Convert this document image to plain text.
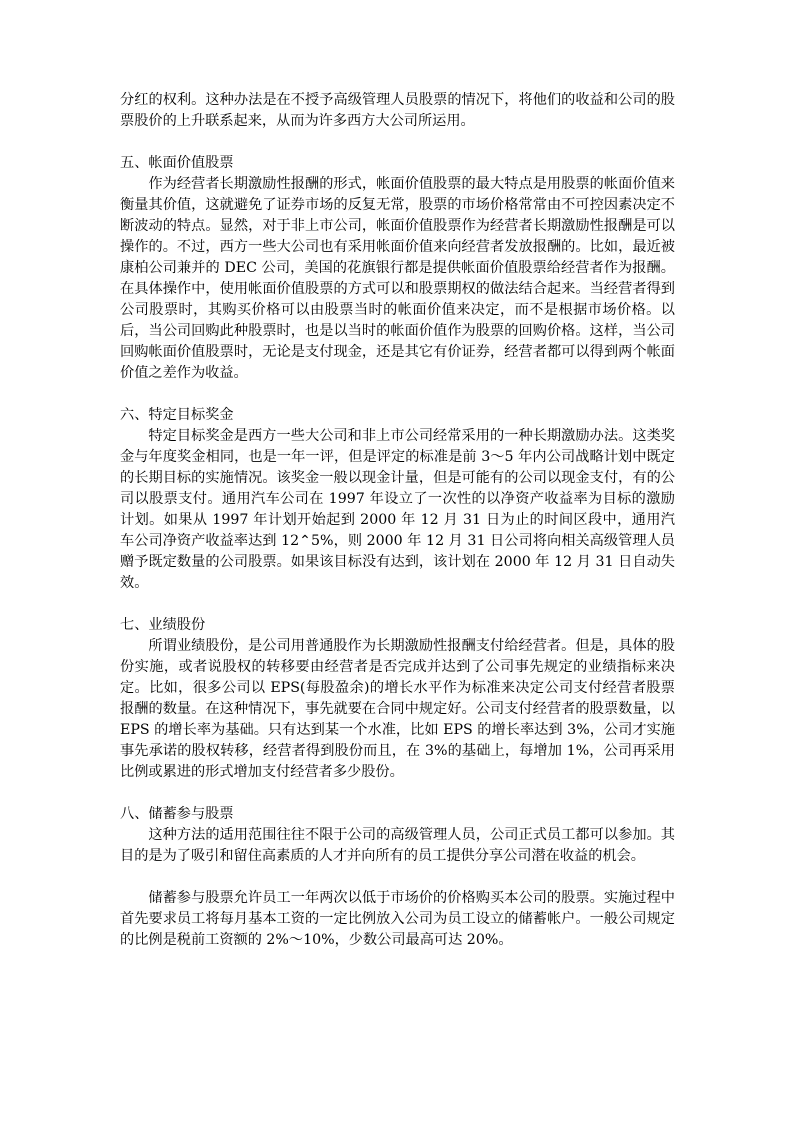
分红的权利。这种办法是在不授予高级管理人员股票的情况下，将他们的收益和公司的股票股价的上升联系起来，从而为许多西方大公司所运用。

五、帐面价值股票

作为经营者长期激励性报酬的形式，帐面价值股票的最大特点是用股票的帐面价值来衡量其价值，这就避免了证券市场的反复无常，股票的市场价格常常由不可控因素决定不断波动的特点。显然，对于非上市公司，帐面价值股票作为经营者长期激励性报酬是可以操作的。不过，西方一些大公司也有采用帐面价值来向经营者发放报酬的。比如，最近被康柏公司兼并的 DEC 公司，美国的花旗银行都是提供帐面价值股票给经营者作为报酬。在具体操作中，使用帐面价值股票的方式可以和股票期权的做法结合起来。当经营者得到公司股票时，其购买价格可以由股票当时的帐面价值来决定，而不是根据市场价格。以后，当公司回购此种股票时，也是以当时的帐面价值作为股票的回购价格。这样，当公司回购帐面价值股票时，无论是支付现金，还是其它有价证券，经营者都可以得到两个帐面价值之差作为收益。

六、特定目标奖金

特定目标奖金是西方一些大公司和非上市公司经常采用的一种长期激励办法。这类奖金与年度奖金相同，也是一年一评，但是评定的标准是前 3～5 年内公司战略计划中既定的长期目标的实施情况。该奖金一般以现金计量，但是可能有的公司以现金支付，有的公司以股票支付。通用汽车公司在 1997 年设立了一次性的以净资产收益率为目标的激励计划。如果从 1997 年计划开始起到 2000 年 12 月 31 日为止的时间区段中，通用汽车公司净资产收益率达到 12⌃5%，则 2000 年 12 月 31 日公司将向相关高级管理人员赠予既定数量的公司股票。如果该目标没有达到，该计划在 2000 年 12 月 31 日自动失效。

七、业绩股份

所谓业绩股份，是公司用普通股作为长期激励性报酬支付给经营者。但是，具体的股份实施，或者说股权的转移要由经营者是否完成并达到了公司事先规定的业绩指标来决定。比如，很多公司以 EPS(每股盈余)的增长水平作为标准来决定公司支付经营者股票报酬的数量。在这种情况下，事先就要在合同中规定好。公司支付经营者的股票数量，以 EPS 的增长率为基础。只有达到某一个水准，比如 EPS 的增长率达到 3%，公司才实施事先承诺的股权转移，经营者得到股份而且，在 3%的基础上，每增加 1%，公司再采用比例或累进的形式增加支付经营者多少股份。

八、储蓄参与股票

这种方法的适用范围往往不限于公司的高级管理人员，公司正式员工都可以参加。其目的是为了吸引和留住高素质的人才并向所有的员工提供分享公司潜在收益的机会。

储蓄参与股票允许员工一年两次以低于市场价的价格购买本公司的股票。实施过程中首先要求员工将每月基本工资的一定比例放入公司为员工设立的储蓄帐户。一般公司规定的比例是税前工资额的 2%～10%，少数公司最高可达 20%。
